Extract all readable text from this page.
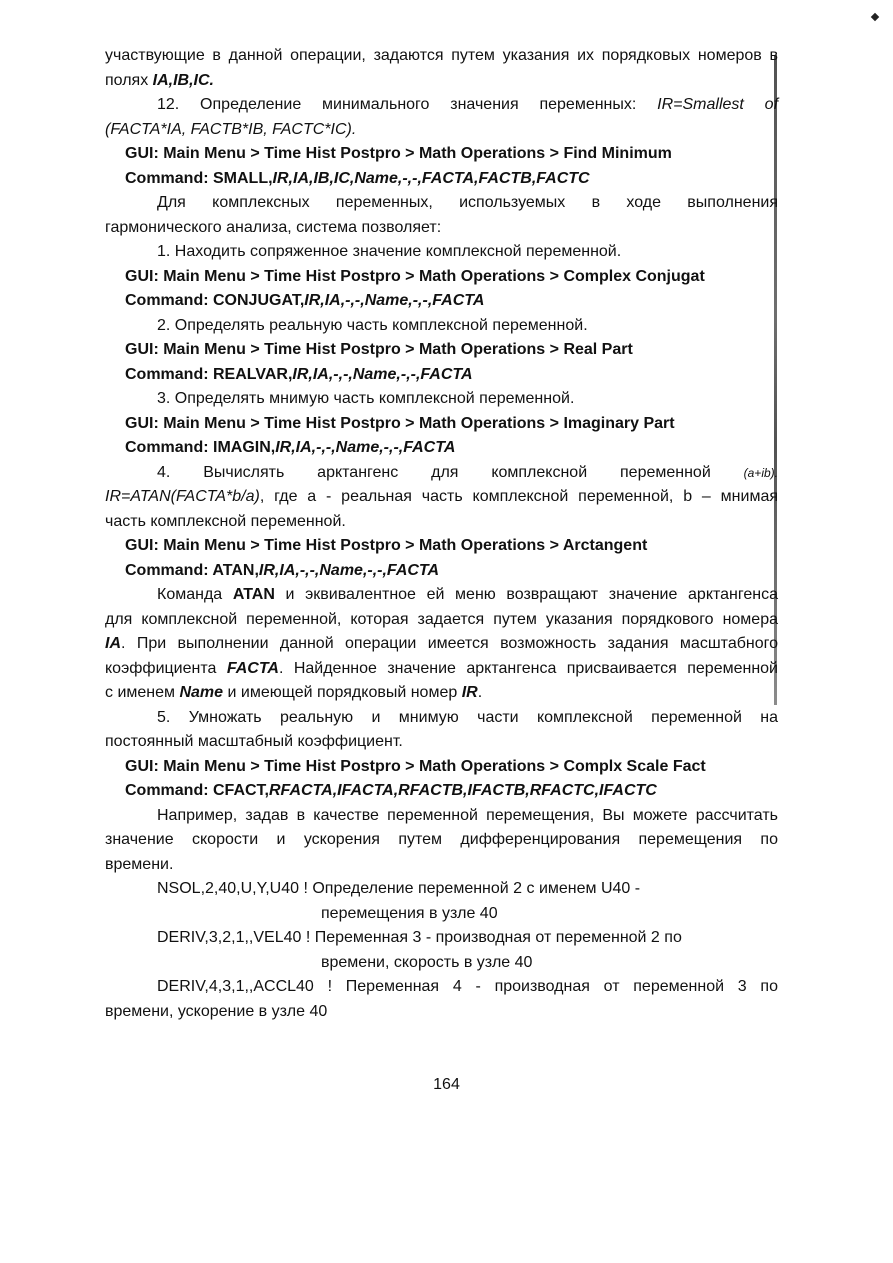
участвующие в данной операции, задаются путем указания их порядковых номеров в

полях IA,IB,IC.

12. Определение минимального значения переменных: IR=Smallest of

(FACTA*IA, FACTB*IB, FACTC*IC).

GUI: Main Menu > Time Hist Postpro > Math Operations > Find Minimum

Command: SMALL,IR,IA,IB,IC,Name,-,-,FACTA,FACTB,FACTC

Для комплексных переменных, используемых в ходе выполнения

гармонического анализа, система позволяет:

1. Находить сопряженное значение комплексной переменной.

GUI: Main Menu > Time Hist Postpro > Math Operations > Complex Conjugat

Command: CONJUGAT,IR,IA,-,-,Name,-,-,FACTA

2. Определять реальную часть комплексной переменной.

GUI: Main Menu > Time Hist Postpro > Math Operations > Real Part

Command: REALVAR,IR,IA,-,-,Name,-,-,FACTA

3. Определять мнимую часть комплексной переменной.

GUI: Main Menu > Time Hist Postpro > Math Operations > Imaginary Part

Command: IMAGIN,IR,IA,-,-,Name,-,-,FACTA

4. Вычислять арктангенс для комплексной переменной (a+ib).

IR=ATAN(FACTA*b/a), где а - реальная часть комплексной переменной, b – мнимая

часть комплексной переменной.

GUI: Main Menu > Time Hist Postpro > Math Operations > Arctangent

Command: ATAN,IR,IA,-,-,Name,-,-,FACTA

Команда ATAN и эквивалентное ей меню возвращают значение арктангенса

для комплексной переменной, которая задается путем указания порядкового номера

IA. При выполнении данной операции имеется возможность задания масштабного

коэффициента FACTA. Найденное значение арктангенса присваивается переменной

с именем Name и имеющей порядковый номер IR.

5. Умножать реальную и мнимую части комплексной переменной на

постоянный масштабный коэффициент.

GUI: Main Menu > Time Hist Postpro > Math Operations > Complx Scale Fact

Command: CFACT,RFACTA,IFACTA,RFACTB,IFACTB,RFACTC,IFACTC

Например, задав в качестве переменной перемещения, Вы можете рассчитать

значение скорости и ускорения путем дифференцирования перемещения по

времени.

NSOL,2,40,U,Y,U40 ! Определение переменной 2 с именем U40 -

перемещения в узле 40

DERIV,3,2,1,,VEL40 ! Переменная 3 - производная от переменной 2 по

времени, скорость в узле 40

DERIV,4,3,1,,ACCL40 ! Переменная 4 - производная от переменной 3 по

времени, ускорение в узле 40

164
